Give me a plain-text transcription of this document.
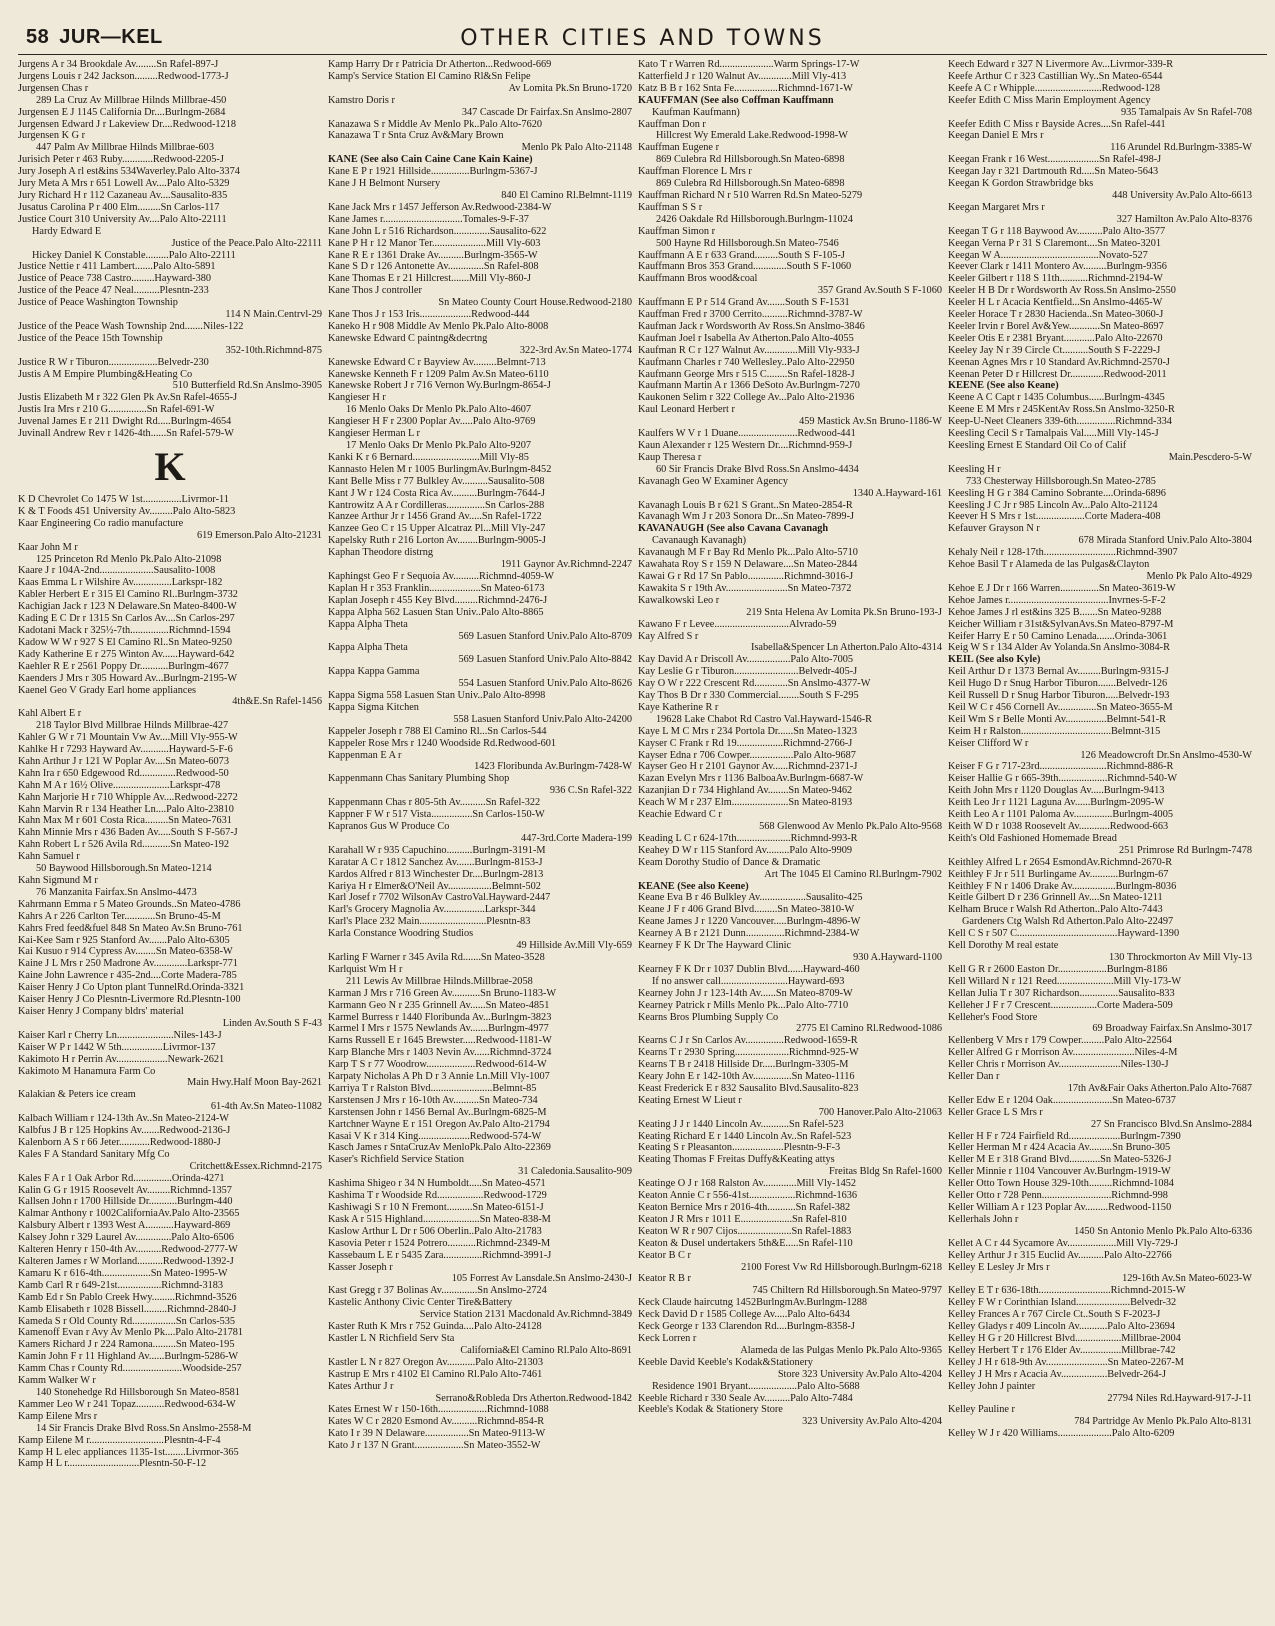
58 JUR—KEL	OTHER CITIES AND TOWNS
Jurgens A r 34 Brookdale Av........Sn Rafel-897-J
Jurgens Louis r 242 Jackson.........Redwood-1773-J
Jurgensen Chas r
289 La Cruz Av Millbrae Hilnds Millbrae-450
Jurgensen E J 1145 California Dr....Burlngm-2684
Jurgensen Edward J r Lakeview Dr....Redwood-1218
Jurgensen K G r
447 Palm Av Millbrae Hilnds Millbrae-603
Jurisich Peter r 463 Ruby............Redwood-2205-J
Jury Joseph A rl est&ins 534Waverley.Palo Alto-3374
Jury Meta A Mrs r 651 Lowell Av....Palo Alto-5329
Jury Richard H r 112 Cazaneau Av....Sausalito-835
Jusatus Carolina P r 400 Elm.........Sn Carlos-117
Justice Court 310 University Av....Palo Alto-22111
Hardy Edward E
Justice of the Peace.Palo Alto-22111
Hickey Daniel K Constable.........Palo Alto-22111
Justice Nettie r 411 Lambert.......Palo Alto-5891
Justice of Peace 738 Castro.........Hayward-380
Justice of the Peace 47 Neal..........Plesntn-233
Justice of Peace Washington Township
114 N Main.Centrvl-29
Justice of the Peace Wash Township 2nd.......Niles-122
Justice of the Peace 15th Township
352-10th.Richmnd-875
Justice R W r Tiburon...................Belvedr-230
Justis A M Empire Plumbing&Heating Co
510 Butterfield Rd.Sn Anslmo-3905
Justis Elizabeth M r 322 Glen Pk Av.Sn Rafel-4655-J
Justis Ira Mrs r 210 G...............Sn Rafel-691-W
Juvenal James E r 211 Dwight Rd.....Burlngm-4654
Juvinall Andrew Rev r 1426-4th......Sn Rafel-579-W
K
K D Chevrolet Co 1475 W 1st...............Livrmor-11
K & T Foods 451 University Av.........Palo Alto-5823
Kaar Engineering Co radio manufacture
619 Emerson.Palo Alto-21231
Kaar John M r
125 Princeton Rd Menlo Pk.Palo Alto-21098
Kaare J r 104A-2nd.....................Sausalito-1008
Kaas Emma L r Wilshire Av...............Larkspr-182
Kabler Herbert E r 315 El Camino Rl..Burlngm-3732
Kachigian Jack r 123 N Delaware.Sn Mateo-8400-W
Kading E C Dr r 1315 Sn Carlos Av....Sn Carlos-297
Kadotani Mack r 325½-7th...............Richmnd-1594
Kadow W W r 927 S El Camino Rl..Sn Mateo-9250
Kady Katherine E r 275 Winton Av......Hayward-642
Kaehler R E r 2561 Poppy Dr...........Burlngm-4677
Kaenders J Mrs r 305 Howard Av...Burlngm-2195-W
Kaenel Geo V Grady Earl home appliances
4th&E.Sn Rafel-1456
Kahl Albert E r
218 Taylor Blvd Millbrae Hilnds Millbrae-427
Kahler G W r 71 Mountain Vw Av....Mill Vly-955-W
Kahlke H r 7293 Hayward Av...........Hayward-5-F-6
Kahn Arthur J r 121 W Poplar Av....Sn Mateo-6073
Kahn Ira r 650 Edgewood Rd..............Redwood-50
Kahn M A r 16½ Olive......................Larkspr-478
Kahn Marjorie H r 710 Whipple Av....Redwood-2272
Kahn Marvin R r 134 Heather Ln....Palo Alto-23810
Kahn Max M r 601 Costa Rica.........Sn Mateo-7631
Kahn Minnie Mrs r 436 Baden Av.....South S F-567-J
Kahn Robert L r 526 Avila Rd...........Sn Mateo-192
Kahn Samuel r
50 Baywood Hillsborough.Sn Mateo-1214
Kahn Sigmund M r
76 Manzanita Fairfax.Sn Anslmo-4473
Kahrmann Emma r 5 Mateo Grounds..Sn Mateo-4786
Kahrs A r 226 Carlton Ter............Sn Bruno-45-M
Kahrs Fred feed&fuel 848 Sn Mateo Av.Sn Bruno-761
Kai-Kee Sam r 925 Stanford Av.......Palo Alto-6305
Kai Kusuo r 914 Cypress Av........Sn Mateo-6358-W
Kaine J L Mrs r 250 Madrone Av.............Larkspr-771
Kaine John Lawrence r 435-2nd....Corte Madera-785
Kaiser Henry J Co Upton plant TunnelRd.Orinda-3321
Kaiser Henry J Co Plesntn-Livermore Rd.Plesntn-100
Kaiser Henry J Company bldrs' material
Linden Av.South S F-43
Kaiser Karl r Cherry Ln......................Niles-143-J
Kaiser W P r 1442 W 5th................Livrmor-137
Kakimoto H r Perrin Av....................Newark-2621
Kakimoto M Hanamura Farm Co
Main Hwy.Half Moon Bay-2621
Kalakian & Peters ice cream
61-4th Av.Sn Mateo-11082
Kalbach William r 124-13th Av..Sn Mateo-2124-W
Kalbfus J B r 125 Hopkins Av.......Redwood-2136-J
Kalenborn A S r 66 Jeter............Redwood-1880-J
Kales F A Standard Sanitary Mfg Co
Critchett&Essex.Richmnd-2175
Kales F A r 1 Oak Arbor Rd...............Orinda-4271
Kalin G G r 1915 Roosevelt Av.........Richmnd-1357
Kallsen John r 1700 Hillside Dr...........Burlngm-440
Kalmar Anthony r 1002CaliforniaAv.Palo Alto-23565
Kalsbury Albert r 1393 West A...........Hayward-869
Kalsey John r 329 Laurel Av..............Palo Alto-6506
Kalteren Henry r 150-4th Av..........Redwood-2777-W
Kalteren James r W Morland..........Redwood-1392-J
Kamaru K r 616-4th...................Sn Mateo-1995-W
Kamb Carl R r 649-21st.................Richmnd-3183
Kamb Ed r Sn Pablo Creek Hwy.........Richmnd-3526
Kamb Elisabeth r 1028 Bissell.........Richmnd-2840-J
Kameda S r Old County Rd.................Sn Carlos-535
Kamenoff Evan r Avy Av Menlo Pk....Palo Alto-21781
Kamers Richard J r 224 Ramona.........Sn Mateo-195
Kamin John F r 11 Highland Av......Burlngm-5286-W
Kamm Chas r County Rd.......................Woodside-257
Kamm Walker W r
140 Stonehedge Rd Hillsborough Sn Mateo-8581
Kammer Leo W r 241 Topaz...........Redwood-634-W
Kamp Eilene Mrs r
14 Sir Francis Drake Blvd Ross.Sn Anslmo-2558-M
Kamp Eilene M r.............................Plesntn-4-F-4
Kamp H L elec appliances 1135-1st........Livrmor-365
Kamp H L r............................Plesntn-50-F-12
Kamp Harry Dr r Patricia Dr Atherton...Redwood-669
Kamp's Service Station El Camino Rl&Sn Felipe
Av Lomita Pk.Sn Bruno-1720
Kamstro Doris r
347 Cascade Dr Fairfax.Sn Anslmo-2807
Kanazawa S r Middle Av Menlo Pk..Palo Alto-7620
Kanazawa T r Snta Cruz Av&Mary Brown
Menlo Pk Palo Alto-21148
KANE (See also Cain Caine Cane Kain Kaine)
Kane E P r 1921 Hillside...............Burlngm-5367-J
Kane J H Belmont Nursery
840 El Camino Rl.Belmnt-1119
Kane Jack Mrs r 1457 Jefferson Av.Redwood-2384-W
Kane James r...............................Tomales-9-F-37
Kane John L r 516 Richardson..............Sausalito-622
Kane P H r 12 Manor Ter.....................Mill Vly-603
Kane R E r 1361 Drake Av..........Burlngm-3565-W
Kane S D r 126 Antonette Av..............Sn Rafel-808
Kane Thomas E r 21 Hillcrest.......Mill Vly-860-J
Kane Thos J controller
Sn Mateo County Court House.Redwood-2180
Kane Thos J r 153 Iris....................Redwood-444
Kaneko H r 908 Middle Av Menlo Pk.Palo Alto-8008
Kanewske Edward C paintng&decrtng
322-3rd Av.Sn Mateo-1774
Kanewske Edward C r Bayview Av.........Belmnt-713
Kanewske Kenneth F r 1209 Palm Av.Sn Mateo-6110
Kanewske Robert J r 716 Vernon Wy.Burlngm-8654-J
Kangieser H r
16 Menlo Oaks Dr Menlo Pk.Palo Alto-4607
Kangieser H F r 2300 Poplar Av.....Palo Alto-9769
Kangieser Herman L r
17 Menlo Oaks Dr Menlo Pk.Palo Alto-9207
Kanki K r 6 Bernard..........................Mill Vly-85
Kannasto Helen M r 1005 BurlingmAv.Burlngm-8452
Kant Belle Miss r 77 Bulkley Av..........Sausalito-508
Kant J W r 124 Costa Rica Av..........Burlngm-7644-J
Kantrowitz A A r Cordilleras...............Sn Carlos-288
Kanzee Arthur Jr r 1456 Grand Av.....Sn Rafel-1722
Kanzee Geo C r 15 Upper Alcatraz Pl...Mill Vly-247
Kapelsky Ruth r 216 Lorton Av........Burlngm-9005-J
Kaphan Theodore distrng
1911 Gaynor Av.Richmnd-2247
Kaphingst Geo F r Sequoia Av..........Richmnd-4059-W
Kaplan H r 353 Franklin....................Sn Mateo-6173
Kaplan Joseph r 455 Key Blvd.........Richmnd-2476-J
Kappa Alpha 562 Lasuen Stan Univ..Palo Alto-8865
Kappa Alpha Theta
569 Lasuen Stanford Univ.Palo Alto-8709
Kappa Alpha Theta
569 Lasuen Stanford Univ.Palo Alto-8842
Kappa Kappa Gamma
554 Lasuen Stanford Univ.Palo Alto-8626
Kappa Sigma 558 Lasuen Stan Univ..Palo Alto-8998
Kappa Sigma Kitchen
558 Lasuen Stanford Univ.Palo Alto-24200
Kappeler Joseph r 788 El Camino Rl...Sn Carlos-544
Kappeler Rose Mrs r 1240 Woodside Rd.Redwood-601
Kappenman E A r
1423 Floribunda Av.Burlngm-7428-W
Kappenmann Chas Sanitary Plumbing Shop
936 C.Sn Rafel-322
Kappenmann Chas r 805-5th Av..........Sn Rafel-322
Kappner F W r 517 Vista................Sn Carlos-150-W
Kapranos Gus W Produce Co
447-3rd.Corte Madera-199
Karahall W r 935 Capuchino..........Burlngm-3191-M
Karatar A C r 1812 Sanchez Av.......Burlngm-8153-J
Kardos Alfred r 813 Winchester Dr....Burlngm-2813
Kariya H r Elmer&O'Neil Av.................Belmnt-502
Karl Josef r 7702 WilsonAv CastroVal.Hayward-2447
Karl's Grocery Magnolia Av................Larkspr-344
Karl's Place 232 Main..........................Plesntn-83
Karla Constance Woodring Studios
49 Hillside Av.Mill Vly-659
Karling F Warner r 345 Avila Rd.......Sn Mateo-3528
Karlquist Wm H r
211 Lewis Av Millbrae Hilnds.Millbrae-2058
Karman J Mrs r 716 Green Av...........Sn Bruno-1183-W
Karmann Geo N r 235 Grinnell Av......Sn Mateo-4851
Karmel Burress r 1440 Floribunda Av...Burlngm-3823
Karmel I Mrs r 1575 Newlands Av.......Burlngm-4977
Karns Russell E r 1645 Brewster.....Redwood-1181-W
Karp Blanche Mrs r 1403 Nevin Av......Richmnd-3724
Karp T S r 77 Woodrow...................Redwood-614-W
Karpaty Nicholas A Ph D r 3 Annie Ln.Mill Vly-1007
Karriya T r Ralston Blvd........................Belmnt-85
Karstensen J Mrs r 16-10th Av..........Sn Mateo-734
Karstensen John r 1456 Bernal Av..Burlngm-6825-M
Kartchner Wayne E r 151 Oregon Av.Palo Alto-21794
Kasai V K r 314 King....................Redwood-574-W
Kasch James r SntaCruzAv MenloPk.Palo Alto-22369
Kaser's Richfield Service Station
31 Caledonia.Sausalito-909
Kashima Shigeo r 34 N Humboldt.....Sn Mateo-4571
Kashima T r Woodside Rd..................Redwood-1729
Kashiwagi S r 10 N Fremont..........Sn Mateo-6151-J
Kask A r 515 Highland......................Sn Mateo-838-M
Kaslow Arthur L Dr r 506 Oberlin..Palo Alto-21783
Kasovia Peter r 1524 Potrero...........Richmnd-2349-M
Kassebaum L E r 5435 Zara...............Richmnd-3991-J
Kasser Joseph r
105 Forrest Av Lansdale.Sn Anslmo-2430-J
Kast Gregg r 37 Bolinas Av..............Sn Anslmo-2724
Kastelic Anthony Civic Center Tire&Battery
Service Station 2131 Macdonald Av.Richmnd-3849
Kaster Ruth K Mrs r 752 Guinda....Palo Alto-24128
Kastler L N Richfield Serv Sta
California&El Camino Rl.Palo Alto-8691
Kastler L N r 827 Oregon Av...........Palo Alto-21303
Kastrup E Mrs r 4102 El Camino Rl.Palo Alto-7461
Kates Arthur J r
Serrano&Robleda Drs Atherton.Redwood-1842
Kates Ernest W r 150-16th...................Richmnd-1088
Kates W C r 2820 Esmond Av..........Richmnd-854-R
Kato I r 39 N Delaware.................Sn Mateo-9113-W
Kato J r 137 N Grant...................Sn Mateo-3552-W
Kato T r Warren Rd.....................Warm Springs-17-W
Katterfield J r 120 Walnut Av.............Mill Vly-413
Katz B B r 162 Snta Fe.................Richmnd-1671-W
KAUFFMAN (See also Coffman Kauffmann
Kaufman Kaufmann)
Kauffman Don r
Hillcrest Wy Emerald Lake.Redwood-1998-W
Kauffman Eugene r
869 Culebra Rd Hillsborough.Sn Mateo-6898
Kauffman Florence L Mrs r
869 Culebra Rd Hillsborough.Sn Mateo-6898
Kauffman Richard N r 510 Warren Rd.Sn Mateo-5279
Kauffman S S r
2426 Oakdale Rd Hillsborough.Burlngm-11024
Kauffman Simon r
500 Hayne Rd Hillsborough.Sn Mateo-7546
Kauffmann A E r 633 Grand.........South S F-105-J
Kauffmann Bros 353 Grand.............South S F-1060
Kauffmann Bros wood&coal
357 Grand Av.South S F-1060
Kauffmann E P r 514 Grand Av.......South S F-1531
Kauffman Fred r 3700 Cerrito..........Richmnd-3787-W
Kaufman Jack r Wordsworth Av Ross.Sn Anslmo-3846
Kaufman Joel r Isabella Av Atherton.Palo Alto-4055
Kaufman R C r 127 Walnut Av.............Mill Vly-933-J
Kaufmann Charles r 740 Wellesley..Palo Alto-22950
Kaufmann George Mrs r 515 C........Sn Rafel-1828-J
Kaufmann Martin A r 1366 DeSoto Av.Burlngm-7270
Kaukonen Selim r 322 College Av...Palo Alto-21936
Kaul Leonard Herbert r
459 Mastick Av.Sn Bruno-1186-W
Kaulfers W V r 1 Duane.......................Redwood-441
Kaun Alexander r 125 Western Dr....Richmnd-959-J
Kaup Theresa r
60 Sir Francis Drake Blvd Ross.Sn Anslmo-4434
Kavanagh Geo W Examiner Agency
1340 A.Hayward-161
Kavanagh Louis B r 621 S Grant..Sn Mateo-2854-R
Kavanagh Wm J r 203 Sonora Dr...Sn Mateo-7899-J
KAVANAUGH (See also Cavana Cavanagh
Cavanaugh Kavanagh)
Kavanaugh M F r Bay Rd Menlo Pk...Palo Alto-5710
Kawahata Roy S r 159 N Delaware....Sn Mateo-2844
Kawai G r Rd 17 Sn Pablo..............Richmnd-3016-J
Kawakita S r 19th Av........................Sn Mateo-7372
Kawalkowski Leo r
219 Snta Helena Av Lomita Pk.Sn Bruno-193-J
Kawano F r Levee.............................Alvrado-59
Kay Alfred S r
Isabella&Spencer Ln Atherton.Palo Alto-4314
Kay David A r Driscoll Av.................Palo Alto-7005
Kay Leslie G r Tiburon.........................Belvedr-405-J
Kay O W r 222 Crescent Rd.............Sn Anslmo-4377-W
Kay Thos B Dr r 330 Commercial........South S F-295
Kaye Katherine R r
19628 Lake Chabot Rd Castro Val.Hayward-1546-R
Kaye L M C Mrs r 234 Portola Dr......Sn Mateo-1323
Kayser C Frank r Rd 19..................Richmnd-2766-J
Kayser Edna r 706 Cowper.................Palo Alto-9687
Kayser Geo H r 2101 Gaynor Av......Richmnd-2371-J
Kazan Evelyn Mrs r 1136 BalboaAv.Burlngm-6687-W
Kazanjian D r 734 Highland Av........Sn Mateo-9462
Keach W M r 237 Elm......................Sn Mateo-8193
Keachie Edward C r
568 Glenwood Av Menlo Pk.Palo Alto-9568
Keading L C r 624-17th.....................Richmnd-993-R
Keahey D W r 115 Stanford Av.........Palo Alto-9909
Keam Dorothy Studio of Dance & Dramatic
Art The 1045 El Camino Rl.Burlngm-7902
KEANE (See also Keene)
Keane Eva B r 46 Bulkley Av..................Sausalito-425
Keane J F r 406 Grand Blvd.........Sn Mateo-3810-W
Keane James J r 1220 Vancouver.....Burlngm-4896-W
Kearney A B r 2121 Dunn...............Richmnd-2384-W
Kearney F K Dr The Hayward Clinic
930 A.Hayward-1100
Kearney F K Dr r 1037 Dublin Blvd......Hayward-460
If no answer call..........................Hayward-693
Kearney John J r 123-14th Av......Sn Mateo-8709-W
Kearney Patrick r Mills Menlo Pk...Palo Alto-7710
Kearns Bros Plumbing Supply Co
2775 El Camino Rl.Redwood-1086
Kearns C J r Sn Carlos Av...............Redwood-1659-R
Kearns T r 2930 Spring.....................Richmnd-925-W
Kearns T B r 2418 Hillside Dr.....Burlngm-3305-M
Keary John E r 142-10th Av...............Sn Mateo-1116
Keast Frederick E r 832 Sausalito Blvd.Sausalito-823
Keating Ernest W Lieut r
700 Hanover.Palo Alto-21063
Keating J J r 1440 Lincoln Av...........Sn Rafel-523
Keating Richard E r 1440 Lincoln Av..Sn Rafel-523
Keating S r Pleasanton....................Plesntn-9-F-3
Keating Thomas F Freitas Duffy&Keating attys
Freitas Bldg Sn Rafel-1600
Keatinge O J r 168 Ralston Av.............Mill Vly-1452
Keaton Annie C r 556-41st..................Richmnd-1636
Keaton Bernice Mrs r 2016-4th...........Sn Rafel-382
Keaton J R Mrs r 1011 E....................Sn Rafel-810
Keaton W R r 907 Cijos.....................Sn Rafel-1883
Keaton & Dusel undertakers 5th&E.....Sn Rafel-110
Keator B C r
2100 Forest Vw Rd Hillsborough.Burlngm-6218
Keator R B r
745 Chiltern Rd Hillsborough.Sn Mateo-9797
Keck Claude haircutng 1452BurlngmAv.Burlngm-1288
Keck David D r 1585 College Av.....Palo Alto-6434
Keck George r 133 Clarendon Rd....Burlngm-8358-J
Keck Lorren r
Alameda de las Pulgas Menlo Pk.Palo Alto-9365
Keeble David Keeble's Kodak&Stationery
Store 323 University Av.Palo Alto-4204
Residence 1901 Bryant...................Palo Alto-5688
Keeble Richard r 330 Seale Av..........Palo Alto-7484
Keeble's Kodak & Stationery Store
323 University Av.Palo Alto-4204
Keech Edward r 327 N Livermore Av...Livrmor-339-R
Keefe Arthur C r 323 Castillian Wy..Sn Mateo-6544
Keefe A C r Whipple..........................Redwood-128
Keefer Edith C Miss Marin Employment Agency
935 Tamalpais Av Sn Rafel-708
Keefer Edith C Miss r Bayside Acres....Sn Rafel-441
Keegan Daniel E Mrs r
116 Arundel Rd.Burlngm-3385-W
Keegan Frank r 16 West....................Sn Rafel-498-J
Keegan Jay r 321 Dartmouth Rd.....Sn Mateo-5643
Keegan K Gordon Strawbridge bks
448 University Av.Palo Alto-6613
Keegan Margaret Mrs r
327 Hamilton Av.Palo Alto-8376
Keegan T G r 118 Baywood Av..........Palo Alto-3577
Keegan Verna P r 31 S Claremont....Sn Mateo-3201
Keegan W A......................................Novato-527
Keever Clark r 1411 Montero Av.........Burlngm-9356
Keeler Gilbert r 118 S 11th...........Richmnd-2194-W
Keeler H B Dr r Wordsworth Av Ross.Sn Anslmo-2550
Keeler H L r Acacia Kentfield...Sn Anslmo-4465-W
Keeler Horace T r 2830 Hacienda..Sn Mateo-3060-J
Keeler Irvin r Borel Av&Yew............Sn Mateo-8697
Keeler Otis E r 2381 Bryant............Palo Alto-22670
Keeley Jay N r 39 Circle Ct..........South S F-2229-J
Keenan Agnes Mrs r 10 Standard Av.Richmnd-2570-J
Keenan Peter D r Hillcrest Dr.............Redwood-2011
KEENE (See also Keane)
Keene A C Capt r 1435 Columbus......Burlngm-4345
Keene E M Mrs r 245KentAv Ross.Sn Anslmo-3250-R
Keep-U-Neet Cleaners 339-6th...............Richmnd-334
Keesling Cecil S r Tamalpais Val.....Mill Vly-145-J
Keesling Ernest E Standard Oil Co of Calif
Main.Pescdero-5-W
Keesling H r
733 Chesterway Hillsborough.Sn Mateo-2785
Keesling H G r 384 Camino Sobrante....Orinda-6896
Keesling J C Jr r 985 Lincoln Av...Palo Alto-21124
Keever H S Mrs r 1st...................Corte Madera-408
Kefauver Grayson N r
678 Mirada Stanford Univ.Palo Alto-3804
Kehaly Neil r 128-17th............................Richmnd-3907
Kehoe Basil T r Alameda de las Pulgas&Clayton
Menlo Pk Palo Alto-4929
Kehoe E J Dr r 166 Warren...............Sn Mateo-3619-W
Kehoe James r.......................................Invrnes-5-F-2
Kehoe James J rl est&ins 325 B.......Sn Mateo-9288
Keicher William r 31st&SylvanAvs.Sn Mateo-8797-M
Keifer Harry E r 50 Camino Lenada.......Orinda-3061
Keig W S r 134 Alder Av Yolanda.Sn Anslmo-3084-R
KEIL (See also Kyle)
Keil Arthur D r 1373 Bernal Av.........Burlngm-9315-J
Keil Hugo D r Snug Harbor Tiburon.......Belvedr-126
Keil Russell D r Snug Harbor Tiburon.....Belvedr-193
Keil W C r 456 Cornell Av...............Sn Mateo-3655-M
Keil Wm S r Belle Monti Av................Belmnt-541-R
Keim H r Ralston...................................Belmnt-315
Keiser Clifford W r
126 Meadowcroft Dr.Sn Anslmo-4530-W
Keiser F G r 717-23rd..........................Richmnd-886-R
Keiser Hallie G r 665-39th...................Richmnd-540-W
Keith John Mrs r 1120 Douglas Av.....Burlngm-9413
Keith Leo Jr r 1121 Laguna Av......Burlngm-2095-W
Keith Leo A r 1101 Paloma Av...............Burlngm-4005
Keith W D r 1038 Roosevelt Av............Redwood-663
Keith's Old Fashioned Homemade Bread
251 Primrose Rd Burlngm-7478
Keithley Alfred L r 2654 EsmondAv.Richmnd-2670-R
Keithley F Jr r 511 Burlingame Av...........Burlngm-67
Keithley F N r 1406 Drake Av.................Burlngm-8036
Keitle Gilbert D r 236 Grinnell Av....Sn Mateo-1211
Kelham Bruce r Walsh Rd Atherton..Palo Alto-7443
Gardeners Ctg Walsh Rd Atherton.Palo Alto-22497
Kell C S r 507 C.......................................Hayward-1390
Kell Dorothy M real estate
130 Throckmorton Av Mill Vly-13
Kell G R r 2600 Easton Dr...................Burlngm-8186
Kell Willard N r 121 Reed......................Mill Vly-173-W
Kellan Julia T r 307 Richardson...............Sausalito-833
Kelleher J F r 7 Crescent..................Corte Madera-509
Kelleher's Food Store
69 Broadway Fairfax.Sn Anslmo-3017
Kellenberg V Mrs r 179 Cowper.........Palo Alto-22564
Keller Alfred G r Morrison Av........................Niles-4-M
Keller Chris r Morrison Av........................Niles-130-J
Keller Dan r
17th Av&Fair Oaks Atherton.Palo Alto-7687
Keller Edw E r 1204 Oak.......................Sn Mateo-6737
Keller Grace L S Mrs r
27 Sn Francisco Blvd.Sn Anslmo-2884
Keller H F r 724 Fairfield Rd....................Burlngm-7390
Keller Herman M r 424 Acacia Av.........Sn Bruno-305
Keller M E r 318 Grand Blvd............Sn Mateo-5326-J
Keller Minnie r 1104 Vancouver Av.Burlngm-1919-W
Keller Otto Town House 329-10th.........Richmnd-1084
Keller Otto r 728 Penn...........................Richmnd-998
Keller William A r 123 Poplar Av.........Redwood-1150
Kellerhals John r
1450 Sn Antonio Menlo Pk.Palo Alto-6336
Kellet A C r 44 Sycamore Av...................Mill Vly-729-J
Kelley Arthur J r 315 Euclid Av..........Palo Alto-22766
Kelley E Lesley Jr Mrs r
129-16th Av.Sn Mateo-6023-W
Kelley E T r 636-18th............................Richmnd-2015-W
Kelley F W r Corinthian Island.....................Belvedr-32
Kelley Frances A r 767 Circle Ct..South S F-2023-J
Kelley Gladys r 409 Lincoln Av...........Palo Alto-23694
Kelley H G r 20 Hillcrest Blvd..................Millbrae-2004
Kelley Herbert T r 176 Elder Av................Millbrae-742
Kelley J H r 618-9th Av........................Sn Mateo-2267-M
Kelley J H Mrs r Acacia Av..................Belvedr-264-J
Kelley John J painter
27794 Niles Rd.Hayward-917-J-11
Kelley Pauline r
784 Partridge Av Menlo Pk.Palo Alto-8131
Kelley W J r 420 Williams.....................Palo Alto-6209
